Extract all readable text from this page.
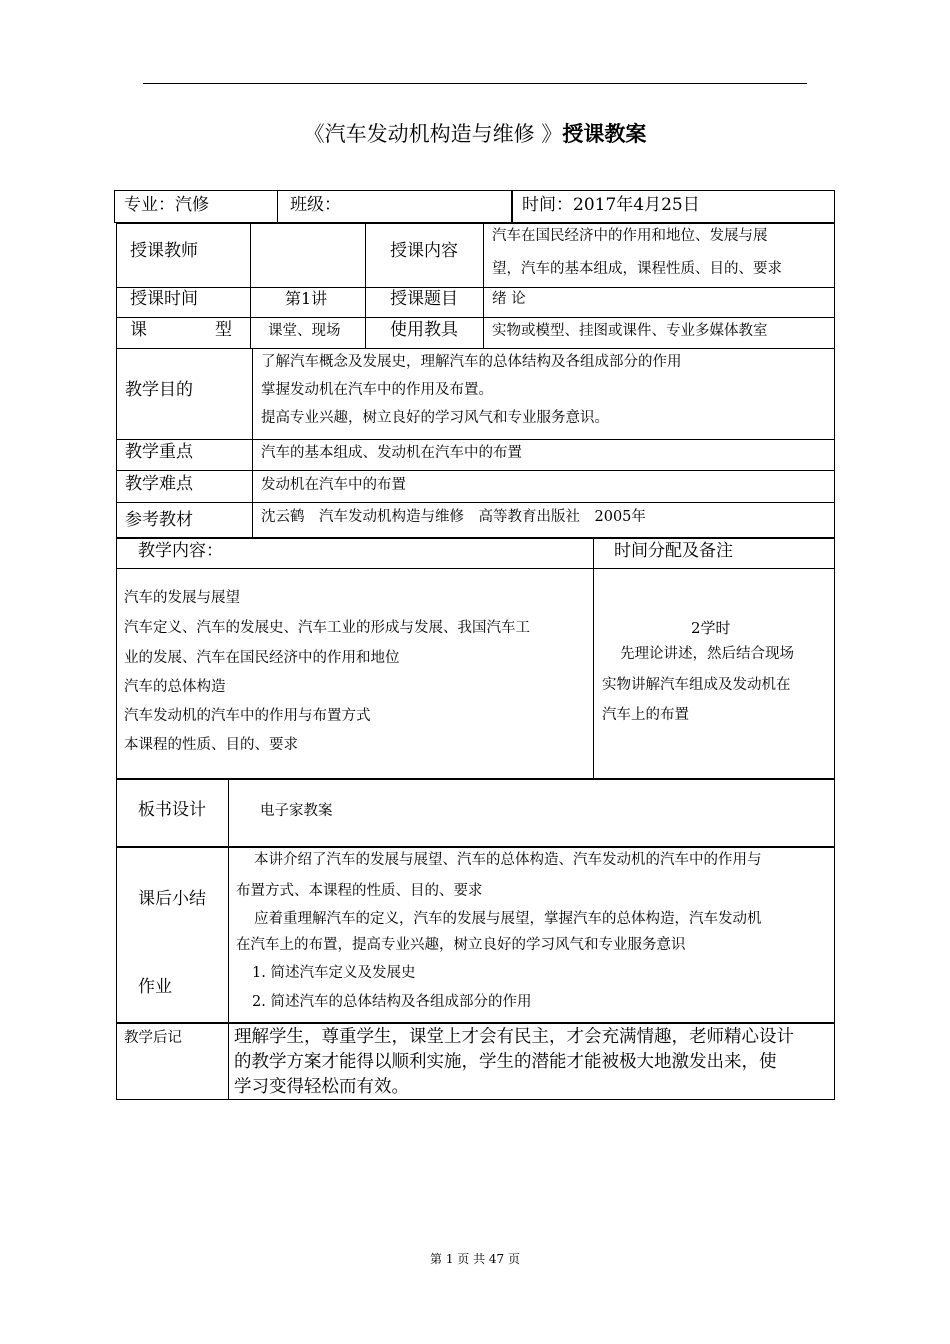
《汽车发动机构造与维修 》授课教案
专业：汽修	班级：	时间：2017年4月25日
授课教师	授课内容
汽车在国民经济中的作用和地位、发展与展
望，汽车的基本组成，课程性质、目的、要求
授课时间	第1讲	授课题目 绪 论
课	型 课堂、现场	使用教具 实物或模型、挂图或课件、专业多媒体教室
教学目的
了解汽车概念及发展史，理解汽车的总体结构及各组成部分的作用
掌握发动机在汽车中的作用及布置。
提高专业兴趣，树立良好的学习风气和专业服务意识。
教学重点	汽车的基本组成、发动机在汽车中的布置
教学难点	发动机在汽车中的布置
参考教材	沈云鹤　汽车发动机构造与维修　高等教育出版社　2005年
教学内容：	时间分配及备注
汽车的发展与展望
汽车定义、汽车的发展史、汽车工业的形成与发展、我国汽车工
业的发展、汽车在国民经济中的作用和地位
汽车的总体构造
汽车发动机的汽车中的作用与布置方式
本课程的性质、目的、要求
2学时
先理论讲述，然后结合现场
实物讲解汽车组成及发动机在
汽车上的布置
板书设计	电子家教案
课后小结
本讲介绍了汽车的发展与展望、汽车的总体构造、汽车发动机的汽车中的作用与
布置方式、本课程的性质、目的、要求
应着重理解汽车的定义，汽车的发展与展望，掌握汽车的总体构造，汽车发动机
在汽车上的布置，提高专业兴趣，树立良好的学习风气和专业服务意识
作业
1. 简述汽车定义及发展史
2. 简述汽车的总体结构及各组成部分的作用
教学后记	理解学生，尊重学生，课堂上才会有民主，才会充满情趣，老师精心设计
的教学方案才能得以顺利实施，学生的潜能才能被极大地激发出来，使
学习变得轻松而有效。
第 1 页 共 47 页
